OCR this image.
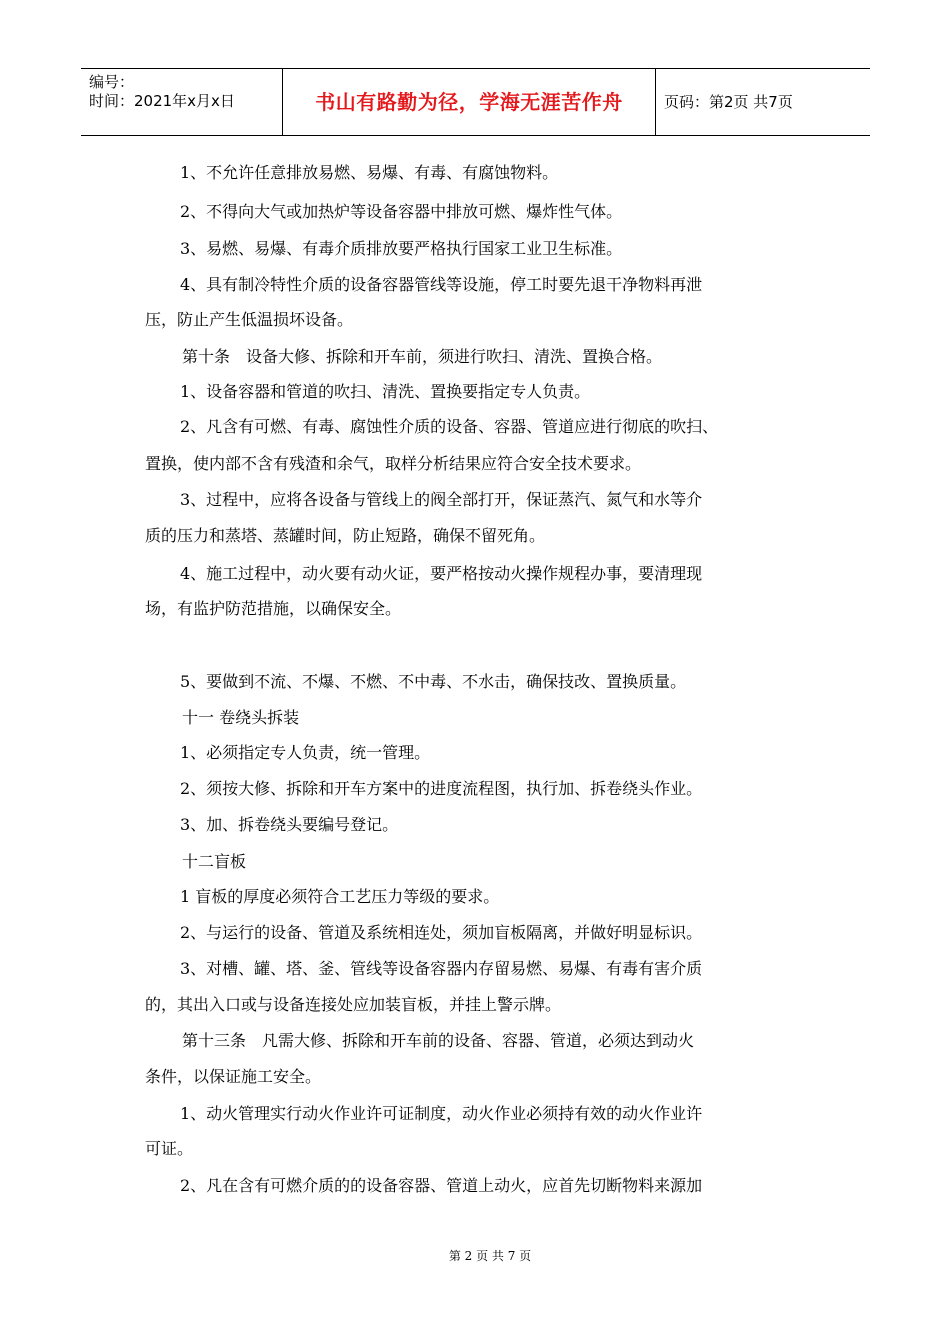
编号：
时间：2021年x月x日	书山有路勤为径，学海无涯苦作舟	页码：第2页 共7页
1、不允许任意排放易燃、易爆、有毒、有腐蚀物料。
2、不得向大气或加热炉等设备容器中排放可燃、爆炸性气体。
3、易燃、易爆、有毒介质排放要严格执行国家工业卫生标准。
4、具有制冷特性介质的设备容器管线等设施，停工时要先退干净物料再泄
压，防止产生低温损坏设备。
第十条　设备大修、拆除和开车前，须进行吹扫、清洗、置换合格。
1、设备容器和管道的吹扫、清洗、置换要指定专人负责。
2、凡含有可燃、有毒、腐蚀性介质的设备、容器、管道应进行彻底的吹扫、
置换，使内部不含有残渣和余气，取样分析结果应符合安全技术要求。
3、过程中，应将各设备与管线上的阀全部打开，保证蒸汽、氮气和水等介
质的压力和蒸塔、蒸罐时间，防止短路，确保不留死角。
4、施工过程中，动火要有动火证，要严格按动火操作规程办事，要清理现
场，有监护防范措施，以确保安全。
5、要做到不流、不爆、不燃、不中毒、不水击，确保技改、置换质量。
十一 卷绕头拆装
1、必须指定专人负责，统一管理。
2、须按大修、拆除和开车方案中的进度流程图，执行加、拆卷绕头作业。
3、加、拆卷绕头要编号登记。
十二盲板
1 盲板的厚度必须符合工艺压力等级的要求。
2、与运行的设备、管道及系统相连处，须加盲板隔离，并做好明显标识。
3、对槽、罐、塔、釜、管线等设备容器内存留易燃、易爆、有毒有害介质
的，其出入口或与设备连接处应加装盲板，并挂上警示牌。
第十三条　凡需大修、拆除和开车前的设备、容器、管道，必须达到动火
条件，以保证施工安全。
1、动火管理实行动火作业许可证制度，动火作业必须持有效的动火作业许
可证。
2、凡在含有可燃介质的的设备容器、管道上动火，应首先切断物料来源加
第 2 页 共 7 页
